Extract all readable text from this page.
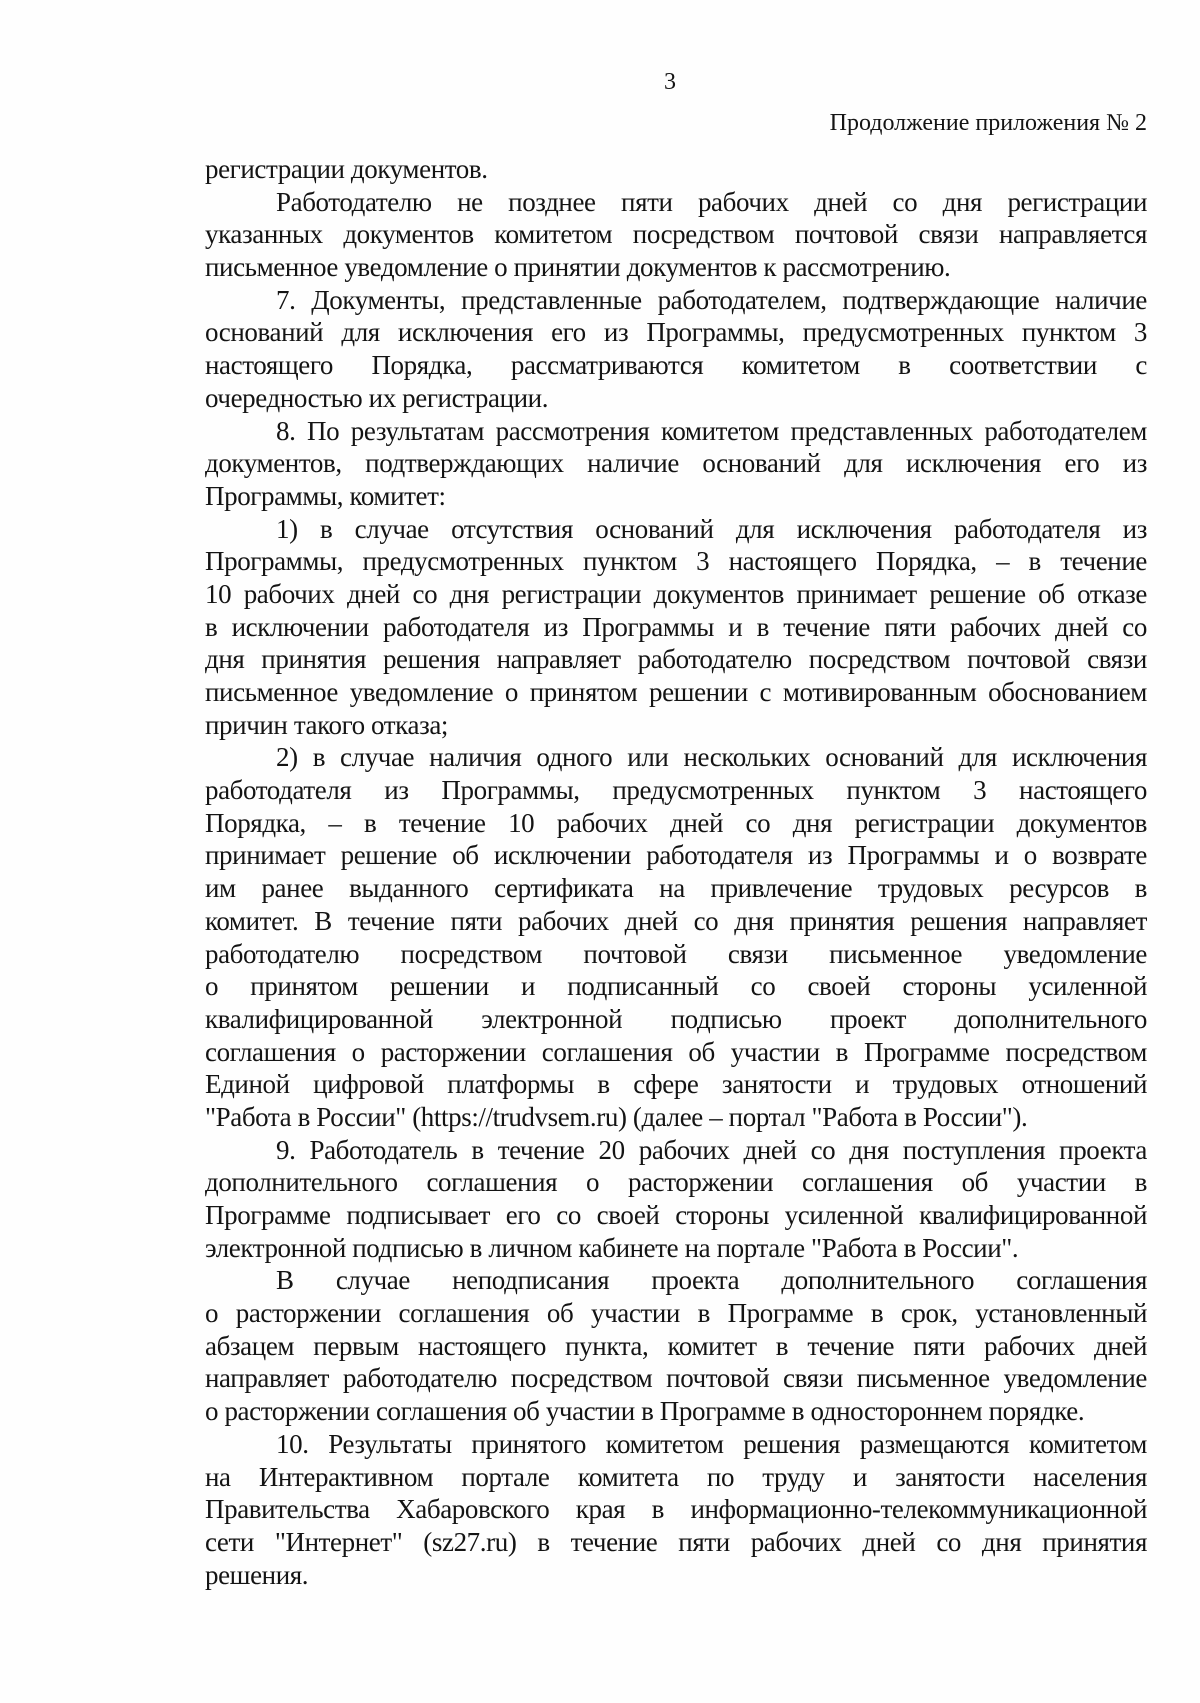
3
Продолжение приложения № 2
регистрации документов.
Работодателю не позднее пяти рабочих дней со дня регистрации
указанных документов комитетом посредством почтовой связи направляется
письменное уведомление о принятии документов к рассмотрению.
7. Документы, представленные работодателем, подтверждающие наличие
оснований для исключения его из Программы, предусмотренных пунктом 3
настоящего Порядка, рассматриваются комитетом в соответствии с
очередностью их регистрации.
8. По результатам рассмотрения комитетом представленных работодателем
документов, подтверждающих наличие оснований для исключения его из
Программы, комитет:
1) в случае отсутствия оснований для исключения работодателя из
Программы, предусмотренных пунктом 3 настоящего Порядка, – в течение
10 рабочих дней со дня регистрации документов принимает решение об отказе
в исключении работодателя из Программы и в течение пяти рабочих дней со
дня принятия решения направляет работодателю посредством почтовой связи
письменное уведомление о принятом решении с мотивированным обоснованием
причин такого отказа;
2) в случае наличия одного или нескольких оснований для исключения
работодателя из Программы, предусмотренных пунктом 3 настоящего
Порядка, – в течение 10 рабочих дней со дня регистрации документов
принимает решение об исключении работодателя из Программы и о возврате
им ранее выданного сертификата на привлечение трудовых ресурсов в
комитет. В течение пяти рабочих дней со дня принятия решения направляет
работодателю посредством почтовой связи письменное уведомление
о принятом решении и подписанный со своей стороны усиленной
квалифицированной электронной подписью проект дополнительного
соглашения о расторжении соглашения об участии в Программе посредством
Единой цифровой платформы в сфере занятости и трудовых отношений
"Работа в России" (https://trudvsem.ru) (далее – портал "Работа в России").
9. Работодатель в течение 20 рабочих дней со дня поступления проекта
дополнительного соглашения о расторжении соглашения об участии в
Программе подписывает его со своей стороны усиленной квалифицированной
электронной подписью в личном кабинете на портале "Работа в России".
В случае неподписания проекта дополнительного соглашения
о расторжении соглашения об участии в Программе в срок, установленный
абзацем первым настоящего пункта, комитет в течение пяти рабочих дней
направляет работодателю посредством почтовой связи письменное уведомление
о расторжении соглашения об участии в Программе в одностороннем порядке.
10. Результаты принятого комитетом решения размещаются комитетом
на Интерактивном портале комитета по труду и занятости населения
Правительства Хабаровского края в информационно-телекоммуникационной
сети "Интернет" (sz27.ru) в течение пяти рабочих дней со дня принятия
решения.
